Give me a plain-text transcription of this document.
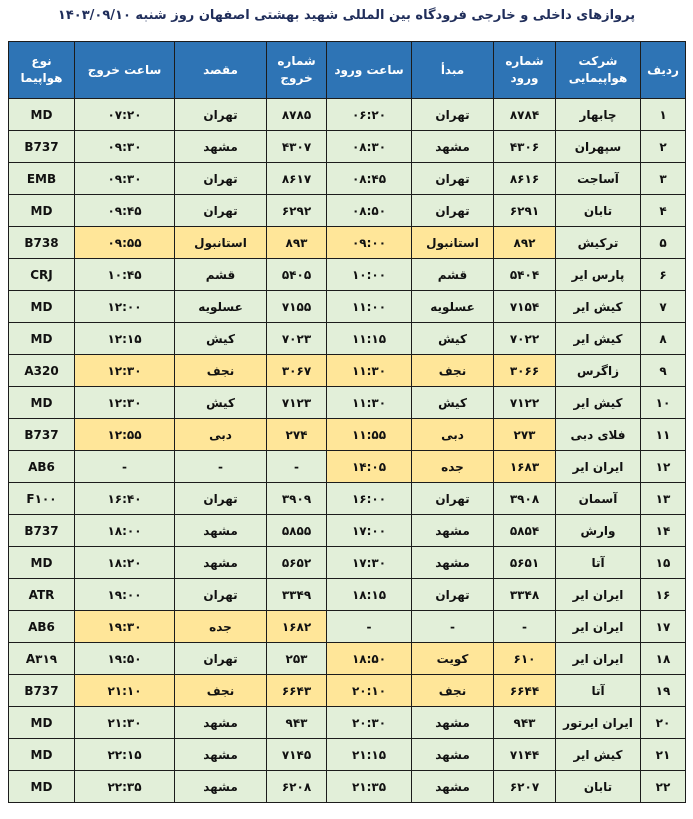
پروازهای داخلی و خارجی فرودگاه بین المللی شهید بهشتی اصفهان روز شنبه ۱۴۰۳/۰۹/۱۰
ردیف	شرکت هواپیمایی	شماره ورود	مبدأ	ساعت ورود	شماره خروج	مقصد	ساعت خروج	نوع هواپیما
۱	چابهار	۸۷۸۴	تهران	۰۶:۲۰	۸۷۸۵	تهران	۰۷:۲۰	MD
۲	سپهران	۴۳۰۶	مشهد	۰۸:۳۰	۴۳۰۷	مشهد	۰۹:۳۰	B737
۳	آساجت	۸۶۱۶	تهران	۰۸:۴۵	۸۶۱۷	تهران	۰۹:۳۰	EMB
۴	تابان	۶۲۹۱	تهران	۰۸:۵۰	۶۲۹۲	تهران	۰۹:۴۵	MD
۵	ترکیش	۸۹۲	استانبول	۰۹:۰۰	۸۹۳	استانبول	۰۹:۵۵	B738
۶	پارس ایر	۵۴۰۴	قشم	۱۰:۰۰	۵۴۰۵	قشم	۱۰:۴۵	CRJ
۷	کیش ایر	۷۱۵۴	عسلویه	۱۱:۰۰	۷۱۵۵	عسلویه	۱۲:۰۰	MD
۸	کیش ایر	۷۰۲۲	کیش	۱۱:۱۵	۷۰۲۳	کیش	۱۲:۱۵	MD
۹	زاگرس	۳۰۶۶	نجف	۱۱:۳۰	۳۰۶۷	نجف	۱۲:۳۰	A320
۱۰	کیش ایر	۷۱۲۲	کیش	۱۱:۳۰	۷۱۲۳	کیش	۱۲:۳۰	MD
۱۱	فلای دبی	۲۷۳	دبی	۱۱:۵۵	۲۷۴	دبی	۱۲:۵۵	B737
۱۲	ایران ایر	۱۶۸۳	جده	۱۴:۰۵	-	-	-	AB6
۱۳	آسمان	۳۹۰۸	تهران	۱۶:۰۰	۳۹۰۹	تهران	۱۶:۴۰	F۱۰۰
۱۴	وارش	۵۸۵۴	مشهد	۱۷:۰۰	۵۸۵۵	مشهد	۱۸:۰۰	B737
۱۵	آتا	۵۶۵۱	مشهد	۱۷:۳۰	۵۶۵۲	مشهد	۱۸:۲۰	MD
۱۶	ایران ایر	۳۳۴۸	تهران	۱۸:۱۵	۳۳۴۹	تهران	۱۹:۰۰	ATR
۱۷	ایران ایر	-	-	-	۱۶۸۲	جده	۱۹:۳۰	AB6
۱۸	ایران ایر	۶۱۰	کویت	۱۸:۵۰	۲۵۳	تهران	۱۹:۵۰	A۳۱۹
۱۹	آتا	۶۶۴۴	نجف	۲۰:۱۰	۶۶۴۳	نجف	۲۱:۱۰	B737
۲۰	ایران ایرتور	۹۴۳	مشهد	۲۰:۳۰	۹۴۳	مشهد	۲۱:۳۰	MD
۲۱	کیش ایر	۷۱۴۴	مشهد	۲۱:۱۵	۷۱۴۵	مشهد	۲۲:۱۵	MD
۲۲	تابان	۶۲۰۷	مشهد	۲۱:۳۵	۶۲۰۸	مشهد	۲۲:۳۵	MD
